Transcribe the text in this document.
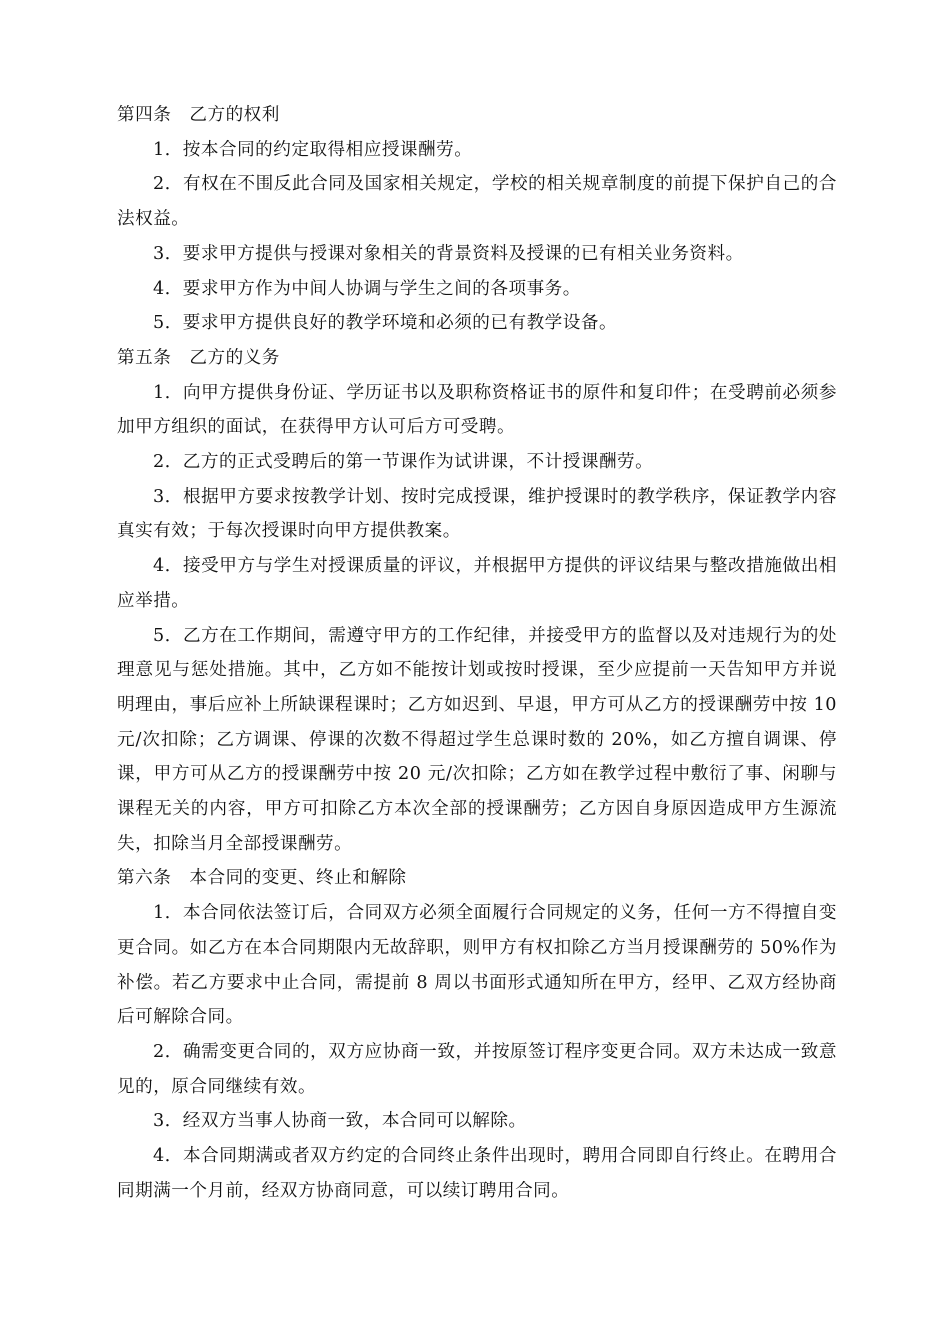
第四条　乙方的权利

1．按本合同的约定取得相应授课酬劳。

2．有权在不围反此合同及国家相关规定，学校的相关规章制度的前提下保护自己的合法权益。

3．要求甲方提供与授课对象相关的背景资料及授课的已有相关业务资料。

4．要求甲方作为中间人协调与学生之间的各项事务。

5．要求甲方提供良好的教学环境和必须的已有教学设备。

第五条　乙方的义务

1．向甲方提供身份证、学历证书以及职称资格证书的原件和复印件；在受聘前必须参加甲方组织的面试，在获得甲方认可后方可受聘。

2．乙方的正式受聘后的第一节课作为试讲课，不计授课酬劳。

3．根据甲方要求按教学计划、按时完成授课，维护授课时的教学秩序，保证教学内容真实有效；于每次授课时向甲方提供教案。

4．接受甲方与学生对授课质量的评议，并根据甲方提供的评议结果与整改措施做出相应举措。

5．乙方在工作期间，需遵守甲方的工作纪律，并接受甲方的监督以及对违规行为的处理意见与惩处措施。其中，乙方如不能按计划或按时授课，至少应提前一天告知甲方并说明理由，事后应补上所缺课程课时；乙方如迟到、早退，甲方可从乙方的授课酬劳中按 10 元/次扣除；乙方调课、停课的次数不得超过学生总课时数的 20%，如乙方擅自调课、停课，甲方可从乙方的授课酬劳中按 20 元/次扣除；乙方如在教学过程中敷衍了事、闲聊与课程无关的内容，甲方可扣除乙方本次全部的授课酬劳；乙方因自身原因造成甲方生源流失，扣除当月全部授课酬劳。

第六条　本合同的变更、终止和解除

1．本合同依法签订后，合同双方必须全面履行合同规定的义务，任何一方不得擅自变更合同。如乙方在本合同期限内无故辞职，则甲方有权扣除乙方当月授课酬劳的 50%作为补偿。若乙方要求中止合同，需提前 8 周以书面形式通知所在甲方，经甲、乙双方经协商后可解除合同。

2．确需变更合同的，双方应协商一致，并按原签订程序变更合同。双方未达成一致意见的，原合同继续有效。

3．经双方当事人协商一致，本合同可以解除。

4．本合同期满或者双方约定的合同终止条件出现时，聘用合同即自行终止。在聘用合同期满一个月前，经双方协商同意，可以续订聘用合同。
